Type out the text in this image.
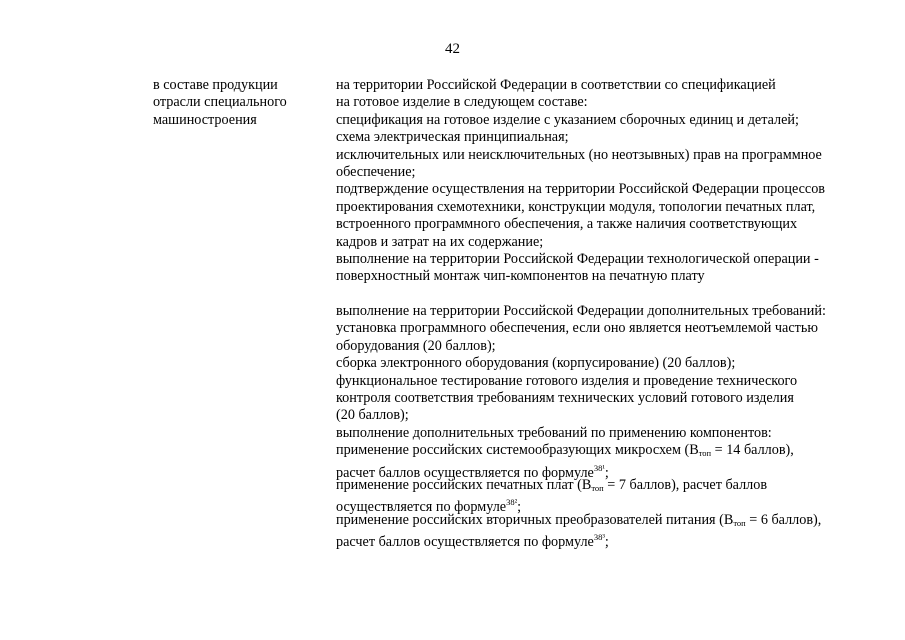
42
в составе продукции
отрасли специального
машиностроения
на территории Российской Федерации в соответствии со спецификацией
на готовое изделие в следующем составе:
спецификация на готовое изделие с указанием сборочных единиц и деталей;
схема электрическая принципиальная;
исключительных или неисключительных (но неотзывных) прав на программное
обеспечение;
подтверждение осуществления на территории Российской Федерации процессов
проектирования схемотехники, конструкции модуля, топологии печатных плат,
встроенного программного обеспечения, а также наличия соответствующих
кадров и затрат на их содержание;
выполнение на территории Российской Федерации технологической операции -
поверхностный монтаж чип-компонентов на печатную плату
выполнение на территории Российской Федерации дополнительных требований:
установка программного обеспечения, если оно является неотъемлемой частью
оборудования (20 баллов);
сборка электронного оборудования (корпусирование) (20 баллов);
функциональное тестирование готового изделия и проведение технического
контроля соответствия требованиям технических условий готового изделия
(20 баллов);
выполнение дополнительных требований по применению компонентов:
применение российских системообразующих микросхем ($В_{топ} = 14$ баллов),
расчет баллов осуществляется по формуле$^{38^1}$;
применение российских печатных плат ($В_{топ} = 7$ баллов), расчет баллов
осуществляется по формуле$^{38^2}$;
применение российских вторичных преобразователей питания ($В_{топ} = 6$ баллов),
расчет баллов осуществляется по формуле$^{38^3}$;
